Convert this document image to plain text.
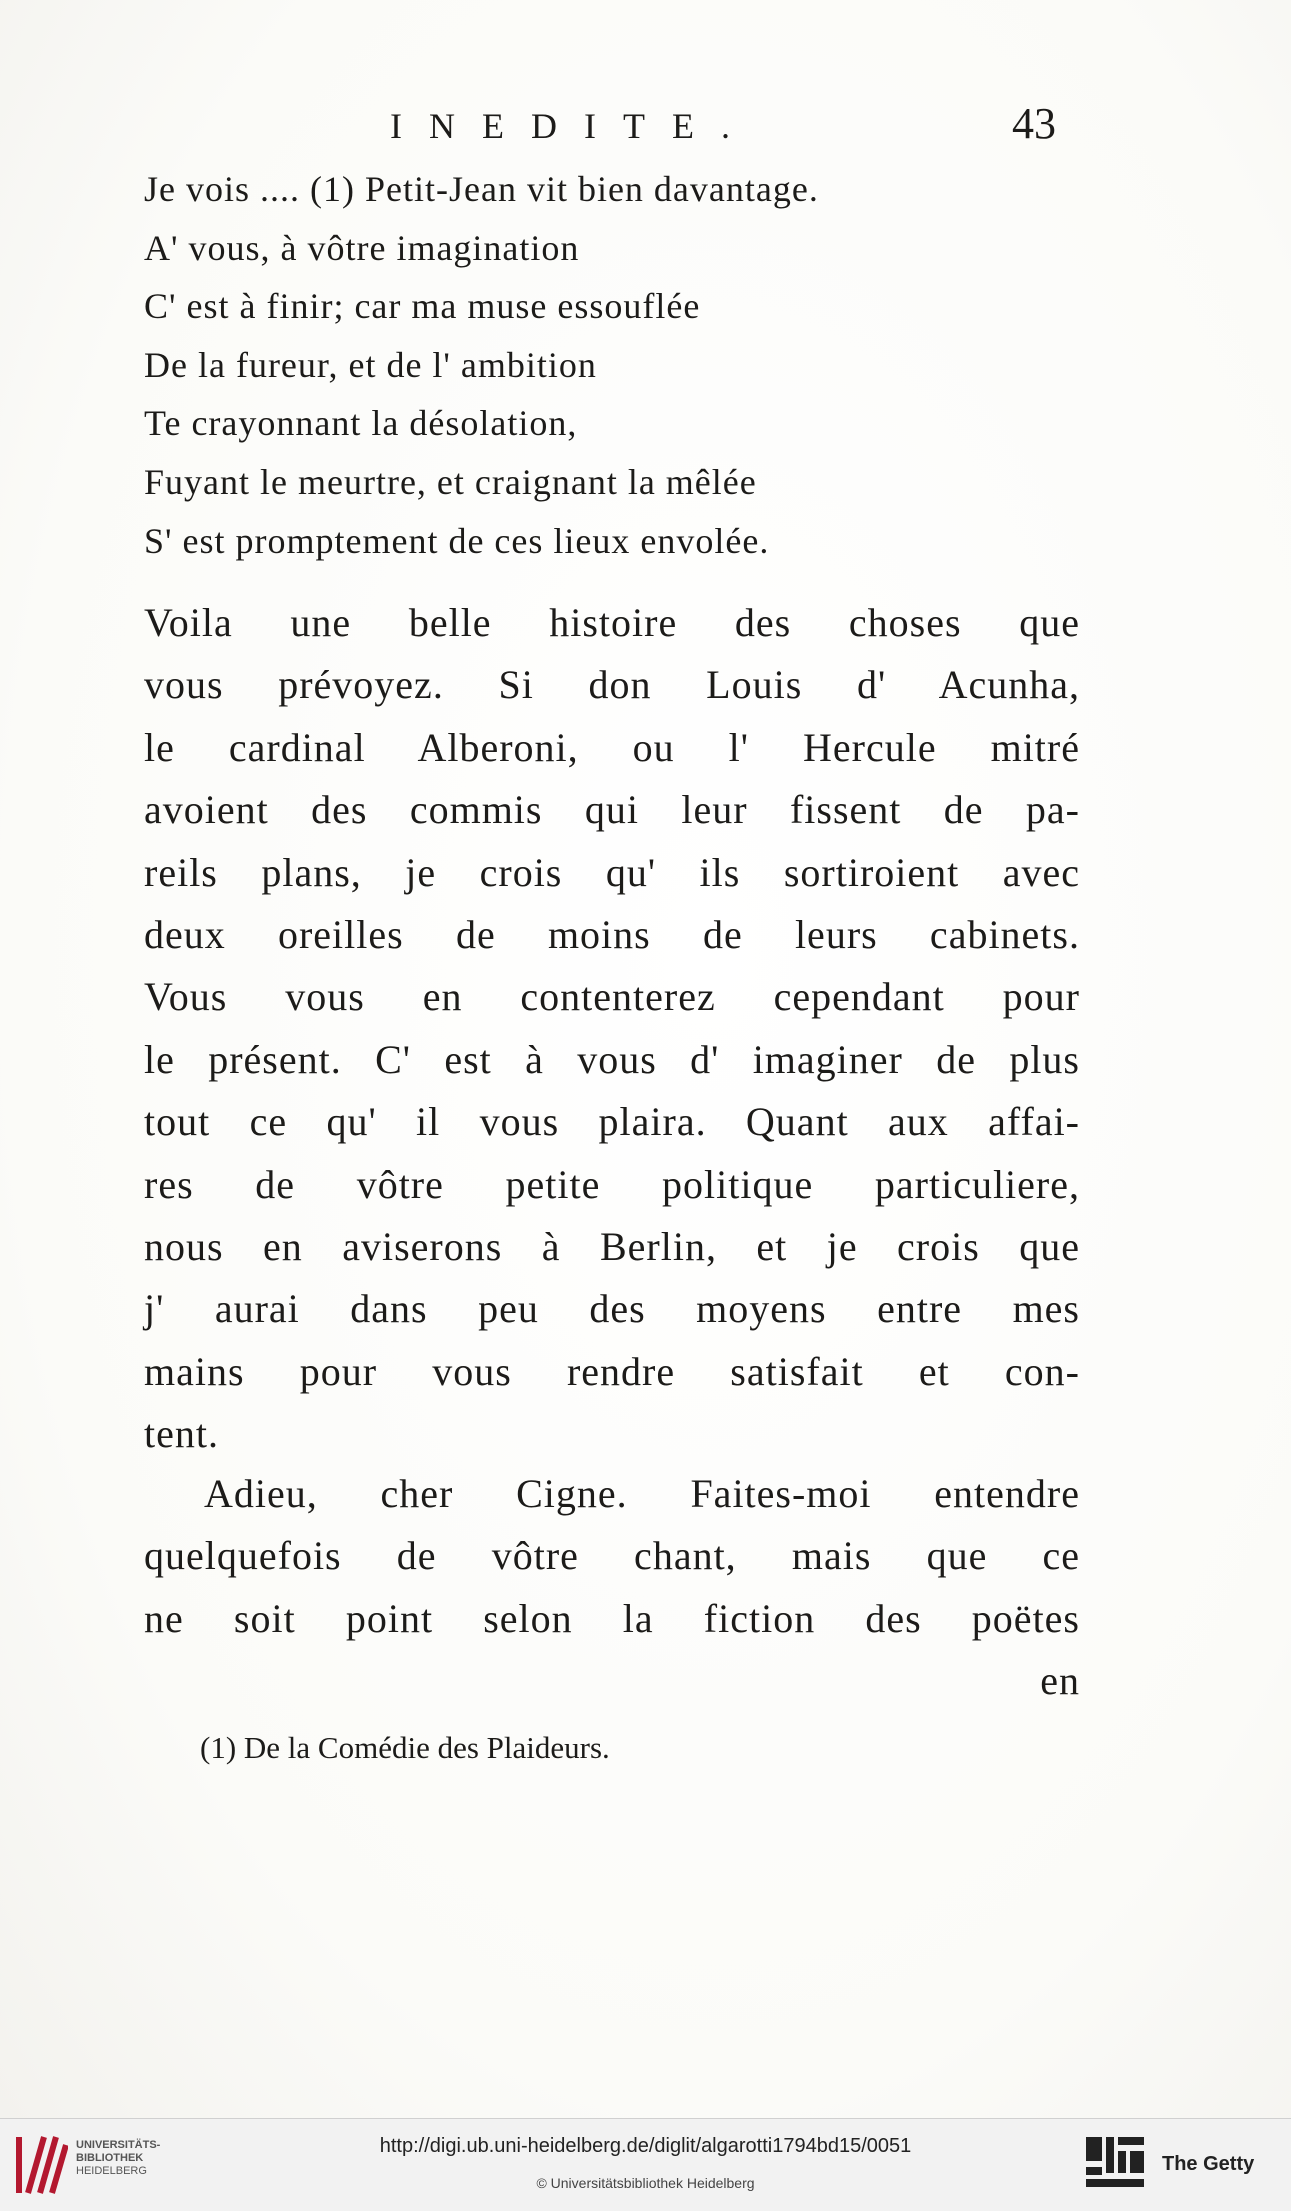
INEDITE.	43
Je vois .... (1) Petit-Jean vit bien davantage.
A' vous, à vôtre imagination
C' est à finir; car ma muse essouflée
De la fureur, et de l' ambition
Te crayonnant la désolation,
Fuyant le meurtre, et craignant la mêlée
S' est promptement de ces lieux envolée.
Voila une belle histoire des choses que
vous prévoyez. Si don Louis d' Acunha,
le cardinal Alberoni, ou l' Hercule mitré
avoient des commis qui leur fissent de pa-
reils plans, je crois qu' ils sortiroient avec
deux oreilles de moins de leurs cabinets.
Vous vous en contenterez cependant pour
le présent. C' est à vous d' imaginer de plus
tout ce qu' il vous plaira. Quant aux affai-
res de vôtre petite politique particuliere,
nous en aviserons à Berlin, et je crois que
j' aurai dans peu des moyens entre mes
mains pour vous rendre satisfait et con-
tent.
Adieu, cher Cigne. Faites-moi entendre
quelquefois de vôtre chant, mais que ce
ne soit point selon la fiction des poëtes
en
(1) De la Comédie des Plaideurs.
UNIVERSITÄTS-
BIBLIOTHEK
HEIDELBERG
http://digi.ub.uni-heidelberg.de/diglit/algarotti1794bd15/0051
© Universitätsbibliothek Heidelberg
The Getty
